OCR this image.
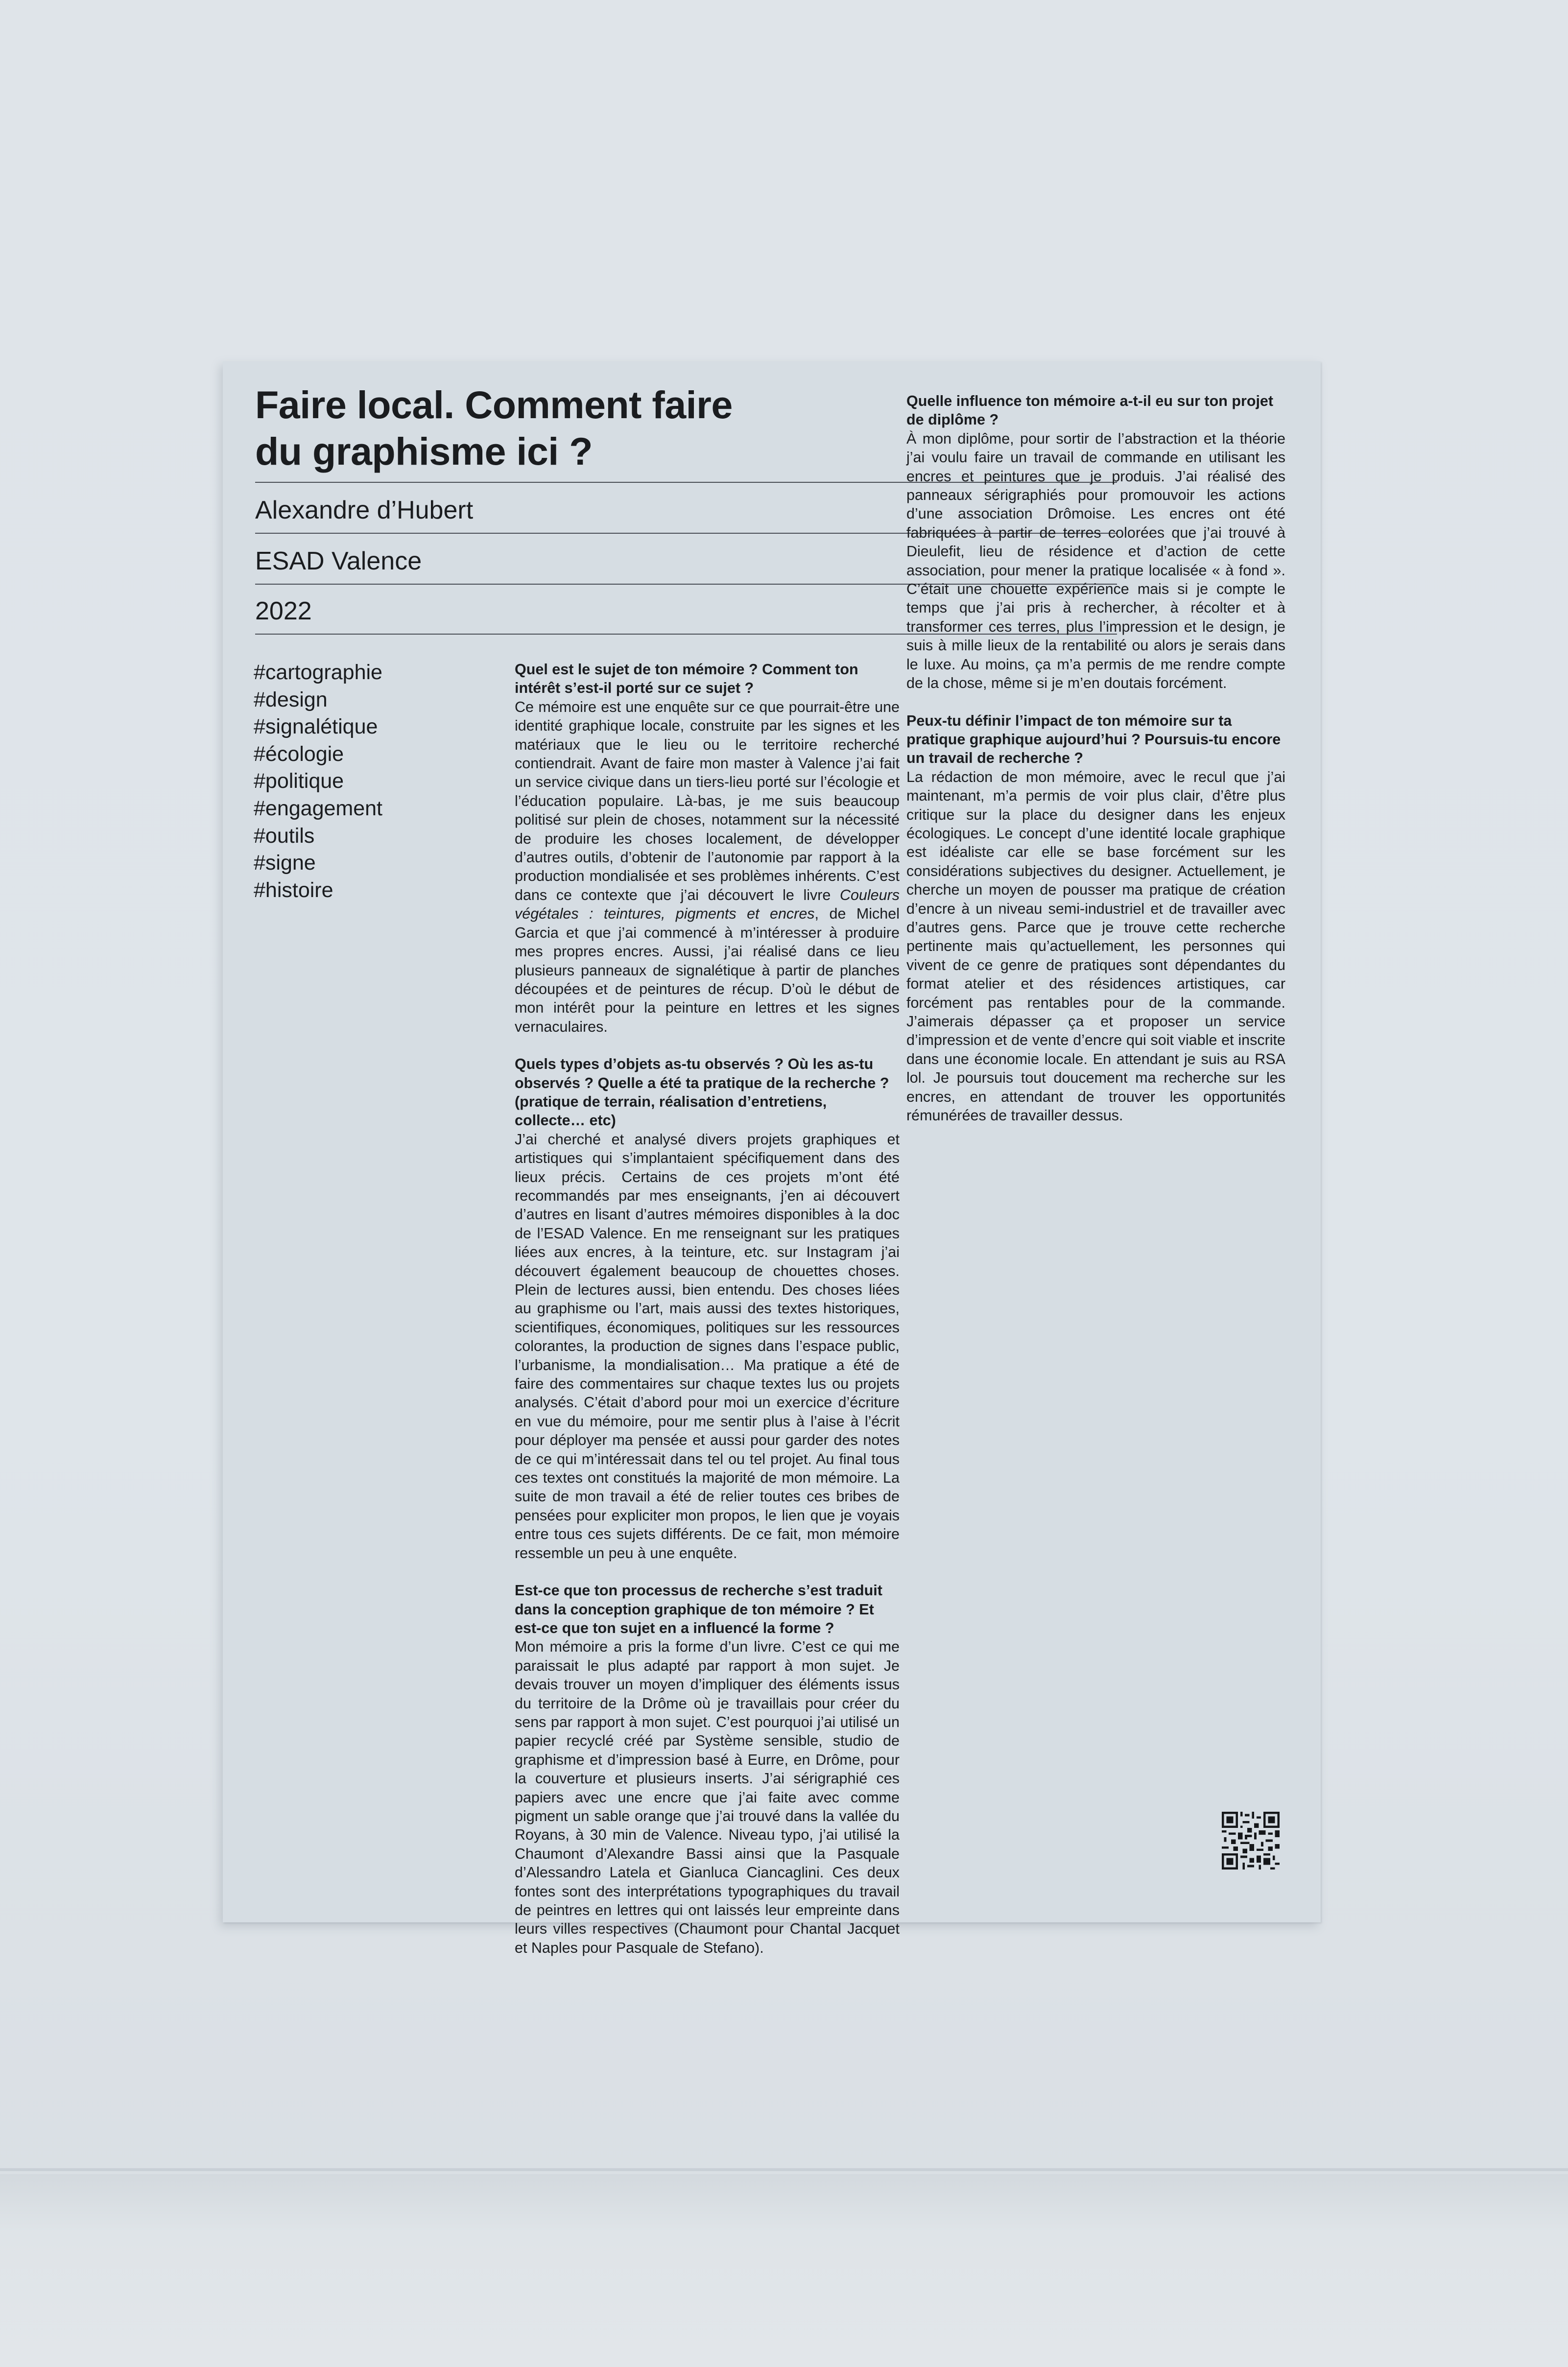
Faire local. Comment faire
du graphisme ici ?
Alexandre d’Hubert
ESAD Valence
2022
#cartographie
#design
#signalétique
#écologie
#politique
#engagement
#outils
#signe
#histoire

Quel est le sujet de ton mémoire ? Comment ton intérêt s’est-il porté sur ce sujet ?
Ce mémoire est une enquête sur ce que pourrait-être une identité graphique locale, construite par les signes et les matériaux que le lieu ou le territoire recherché contiendrait. Avant de faire mon master à Valence j’ai fait un service civique dans un tiers-lieu porté sur l’écologie et l’éducation populaire. Là-bas, je me suis beaucoup politisé sur plein de choses, notamment sur la nécessité de produire les choses localement, de développer d’autres outils, d’obtenir de l’autonomie par rapport à la production mondialisée et ses problèmes inhérents. C’est dans ce contexte que j’ai découvert le livre Couleurs végétales : teintures, pigments et encres, de Michel Garcia et que j’ai commencé à m’intéresser à produire mes propres encres. Aussi, j’ai réalisé dans ce lieu plusieurs panneaux de signalétique à partir de planches découpées et de peintures de récup. D’où le début de mon intérêt pour la peinture en lettres et les signes vernaculaires.

Quels types d’objets as-tu observés ? Où les as-tu observés ? Quelle a été ta pratique de la recherche ? (pratique de terrain, réalisation d’entretiens, collecte… etc)
J’ai cherché et analysé divers projets graphiques et artistiques qui s’implantaient spécifiquement dans des lieux précis. Certains de ces projets m’ont été recommandés par mes enseignants, j’en ai découvert d’autres en lisant d’autres mémoires disponibles à la doc de l’ESAD Valence. En me renseignant sur les pratiques liées aux encres, à la teinture, etc. sur Instagram j’ai découvert également beaucoup de chouettes choses. Plein de lectures aussi, bien entendu. Des choses liées au graphisme ou l’art, mais aussi des textes historiques, scientifiques, économiques, politiques sur les ressources colorantes, la production de signes dans l’espace public, l’urbanisme, la mondialisation… Ma pratique a été de faire des commentaires sur chaque textes lus ou projets analysés. C’était d’abord pour moi un exercice d’écriture en vue du mémoire, pour me sentir plus à l’aise à l’écrit pour déployer ma pensée et aussi pour garder des notes de ce qui m’intéressait dans tel ou tel projet. Au final tous ces textes ont constitués la majorité de mon mémoire. La suite de mon travail a été de relier toutes ces bribes de pensées pour expliciter mon propos, le lien que je voyais entre tous ces sujets différents. De ce fait, mon mémoire ressemble un peu à une enquête.

Est-ce que ton processus de recherche s’est traduit dans la conception graphique de ton mémoire ? Et est-ce que ton sujet en a influencé la forme ?
Mon mémoire a pris la forme d’un livre. C’est ce qui me paraissait le plus adapté par rapport à mon sujet. Je devais trouver un moyen d’impliquer des éléments issus du territoire de la Drôme où je travaillais pour créer du sens par rapport à mon sujet. C’est pourquoi j’ai utilisé un papier recyclé créé par Système sensible, studio de graphisme et d’impression basé à Eurre, en Drôme, pour la couverture et plusieurs inserts. J’ai sérigraphié ces papiers avec une encre que j’ai faite avec comme pigment un sable orange que j’ai trouvé dans la vallée du Royans, à 30 min de Valence. Niveau typo, j’ai utilisé la Chaumont d’Alexandre Bassi ainsi que la Pasquale d’Alessandro Latela et Gianluca Ciancaglini. Ces deux fontes sont des interprétations typographiques du travail de peintres en lettres qui ont laissés leur empreinte dans leurs villes respectives (Chaumont pour Chantal Jacquet et Naples pour Pasquale de Stefano).

Quelle influence ton mémoire a-t-il eu sur ton projet de diplôme ?
À mon diplôme, pour sortir de l’abstraction et la théorie j’ai voulu faire un travail de commande en utilisant les encres et peintures que je produis. J’ai réalisé des panneaux sérigraphiés pour promouvoir les actions d’une association Drômoise. Les encres ont été fabriquées à partir de terres colorées que j’ai trouvé à Dieulefit, lieu de résidence et d’action de cette association, pour mener la pratique localisée « à fond ». C’était une chouette expérience mais si je compte le temps que j’ai pris à rechercher, à récolter et à transformer ces terres, plus l’impression et le design, je suis à mille lieux de la rentabilité ou alors je serais dans le luxe. Au moins, ça m’a permis de me rendre compte de la chose, même si je m’en doutais forcément.

Peux-tu définir l’impact de ton mémoire sur ta pratique graphique aujourd’hui ? Poursuis-tu encore un travail de recherche ?
La rédaction de mon mémoire, avec le recul que j’ai maintenant, m’a permis de voir plus clair, d’être plus critique sur la place du designer dans les enjeux écologiques. Le concept d’une identité locale graphique est idéaliste car elle se base forcément sur les considérations subjectives du designer. Actuellement, je cherche un moyen de pousser ma pratique de création d’encre à un niveau semi-industriel et de travailler avec d’autres gens. Parce que je trouve cette recherche pertinente mais qu’actuellement, les personnes qui vivent de ce genre de pratiques sont dépendantes du format atelier et des résidences artistiques, car forcément pas rentables pour de la commande. J’aimerais dépasser ça et proposer un service d’impression et de vente d’encre qui soit viable et inscrite dans une économie locale. En attendant je suis au RSA lol. Je poursuis tout doucement ma recherche sur les encres, en attendant de trouver les opportunités rémunérées de travailler dessus.
